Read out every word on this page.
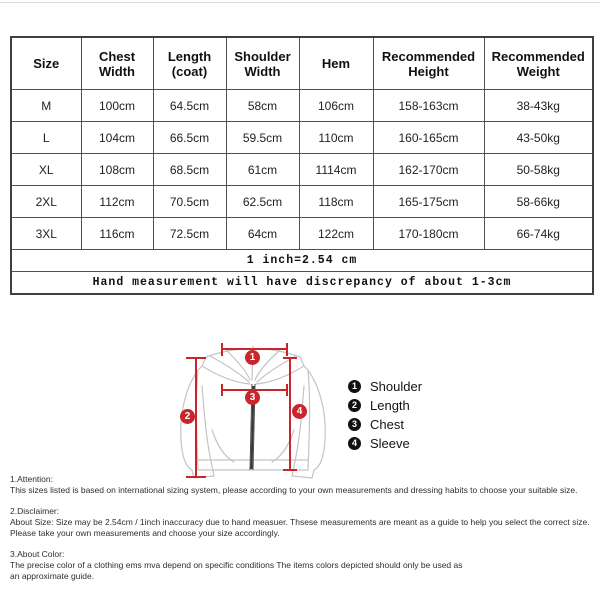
Size	Chest Width	Length (coat)	Shoulder Width	Hem	Recommended Height	Recommended Weight
M	100cm	64.5cm	58cm	106cm	158-163cm	38-43kg
L	104cm	66.5cm	59.5cm	110cm	160-165cm	43-50kg
XL	108cm	68.5cm	61cm	1114cm	162-170cm	50-58kg
2XL	112cm	70.5cm	62.5cm	118cm	165-175cm	58-66kg
3XL	116cm	72.5cm	64cm	122cm	170-180cm	66-74kg
1 inch=2.54 cm						
Hand measurement will have discrepancy of about 1-3cm						
1
2
3
4
1	Shoulder
2	Length
3	Chest
4	Sleeve
1.Attention:
This sizes listed is based on international sizing system, please according to your own measurements and dressing habits to choose your suitable size.
2.Disclaimer:
About Size: Size may be 2.54cm / 1inch inaccuracy due to hand measuer. Thsese measurements are meant as a guide to help you select the correct size.
Please take your own measurements and choose your size accordingly.
3.About Color:
The precise color of a clothing ems mva depend on specific conditions The items colors depicted should only be used as
an approximate guide.
